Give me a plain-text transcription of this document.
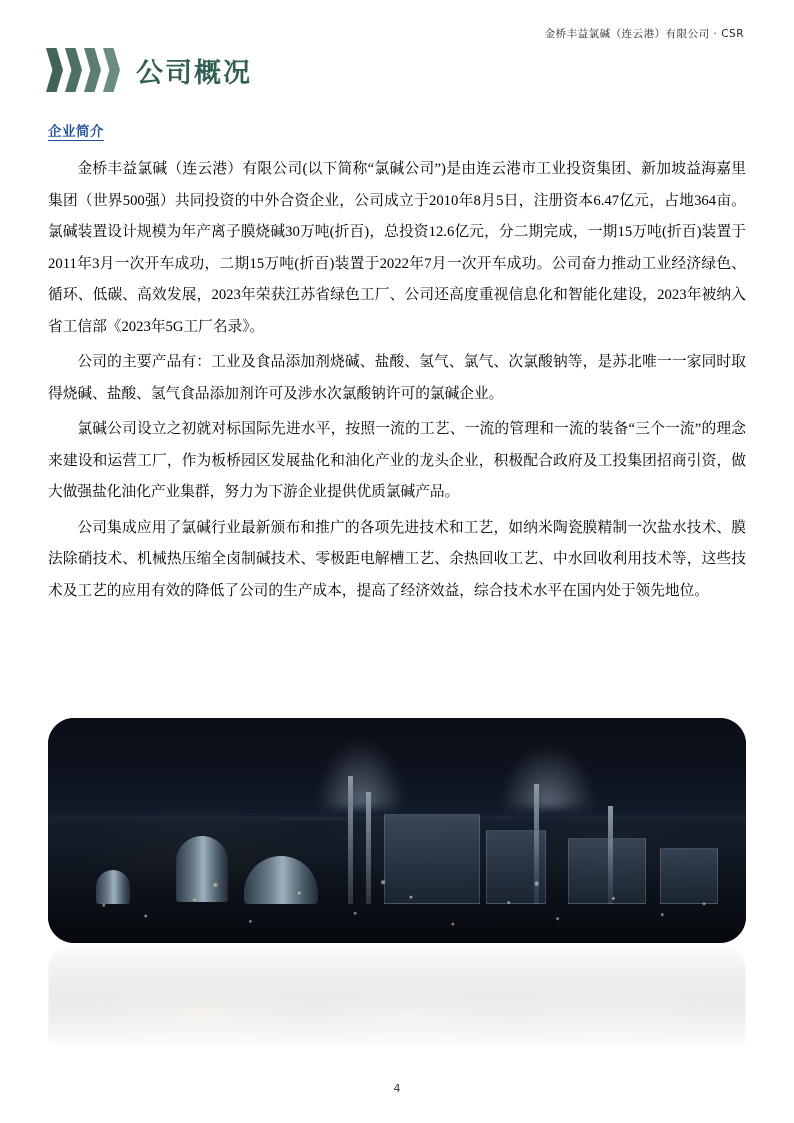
金桥丰益氯碱（连云港）有限公司 · CSR
公司概况
企业简介

金桥丰益氯碱（连云港）有限公司(以下简称“氯碱公司”)是由连云港市工业投资集团、新加坡益海嘉里集团（世界500强）共同投资的中外合资企业，公司成立于2010年8月5日，注册资本6.47亿元，占地364亩。氯碱装置设计规模为年产离子膜烧碱30万吨(折百)，总投资12.6亿元，分二期完成，一期15万吨(折百)装置于2011年3月一次开车成功，二期15万吨(折百)装置于2022年7月一次开车成功。公司奋力推动工业经济绿色、循环、低碳、高效发展，2023年荣获江苏省绿色工厂、公司还高度重视信息化和智能化建设，2023年被纳入省工信部《2023年5G工厂名录》。

公司的主要产品有：工业及食品添加剂烧碱、盐酸、氢气、氯气、次氯酸钠等，是苏北唯一一家同时取得烧碱、盐酸、氢气食品添加剂许可及涉水次氯酸钠许可的氯碱企业。

氯碱公司设立之初就对标国际先进水平，按照一流的工艺、一流的管理和一流的装备“三个一流”的理念来建设和运营工厂，作为板桥园区发展盐化和油化产业的龙头企业，积极配合政府及工投集团招商引资，做大做强盐化油化产业集群，努力为下游企业提供优质氯碱产品。

公司集成应用了氯碱行业最新颁布和推广的各项先进技术和工艺，如纳米陶瓷膜精制一次盐水技术、膜法除硝技术、机械热压缩全卤制碱技术、零极距电解槽工艺、余热回收工艺、中水回收利用技术等，这些技术及工艺的应用有效的降低了公司的生产成本，提高了经济效益，综合技术水平在国内处于领先地位。

4
